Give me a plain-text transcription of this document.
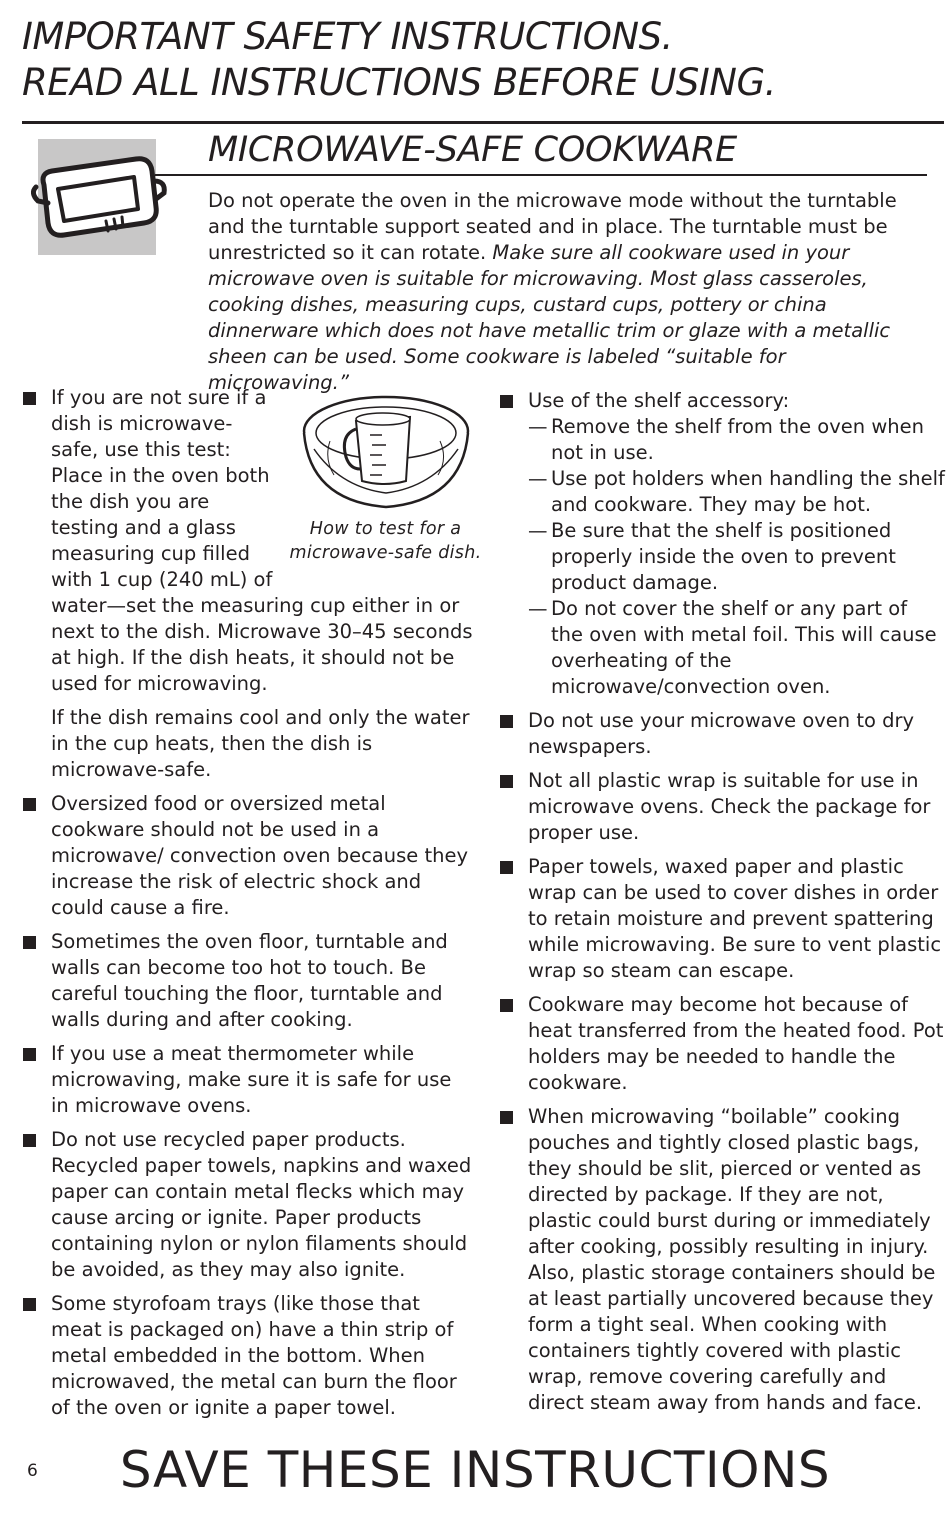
IMPORTANT SAFETY INSTRUCTIONS.
READ ALL INSTRUCTIONS BEFORE USING.
MICROWAVE-SAFE COOKWARE

Do not operate the oven in the microwave mode without the turntable and the turntable support seated and in place. The turntable must be unrestricted so it can rotate. Make sure all cookware used in your microwave oven is suitable for microwaving. Most glass casseroles, cooking dishes, measuring cups, custard cups, pottery or china dinnerware which does not have metallic trim or glaze with a metallic sheen can be used. Some cookware is labeled “suitable for microwaving.”

How to test for a
microwave-safe dish.
If you are not sure if a dish is microwave-safe, use this test: Place in the oven both the dish you are testing and a glass measuring cup filled with 1 cup (240 mL) of water—set the measuring cup either in or next to the dish. Microwave 30–45 seconds at high. If the dish heats, it should not be used for microwaving.
If the dish remains cool and only the water in the cup heats, then the dish is microwave-safe.
Oversized food or oversized metal cookware should not be used in a microwave/ convection oven because they increase the risk of electric shock and could cause a fire.
Sometimes the oven floor, turntable and walls can become too hot to touch. Be careful touching the floor, turntable and walls during and after cooking.
If you use a meat thermometer while microwaving, make sure it is safe for use in microwave ovens.
Do not use recycled paper products. Recycled paper towels, napkins and waxed paper can contain metal flecks which may cause arcing or ignite. Paper products containing nylon or nylon filaments should be avoided, as they may also ignite.
Some styrofoam trays (like those that meat is packaged on) have a thin strip of metal embedded in the bottom. When microwaved, the metal can burn the floor of the oven or ignite a paper towel.
Use of the shelf accessory:
— Remove the shelf from the oven when not in use.
— Use pot holders when handling the shelf and cookware. They may be hot.
— Be sure that the shelf is positioned properly inside the oven to prevent product damage.
— Do not cover the shelf or any part of the oven with metal foil. This will cause overheating of the microwave/convection oven.
Do not use your microwave oven to dry newspapers.
Not all plastic wrap is suitable for use in microwave ovens. Check the package for proper use.
Paper towels, waxed paper and plastic wrap can be used to cover dishes in order to retain moisture and prevent spattering while microwaving. Be sure to vent plastic wrap so steam can escape.
Cookware may become hot because of heat transferred from the heated food. Pot holders may be needed to handle the cookware.
When microwaving “boilable” cooking pouches and tightly closed plastic bags, they should be slit, pierced or vented as directed by package. If they are not, plastic could burst during or immediately after cooking, possibly resulting in injury. Also, plastic storage containers should be at least partially uncovered because they form a tight seal. When cooking with containers tightly covered with plastic wrap, remove covering carefully and direct steam away from hands and face.
6	SAVE THESE INSTRUCTIONS
